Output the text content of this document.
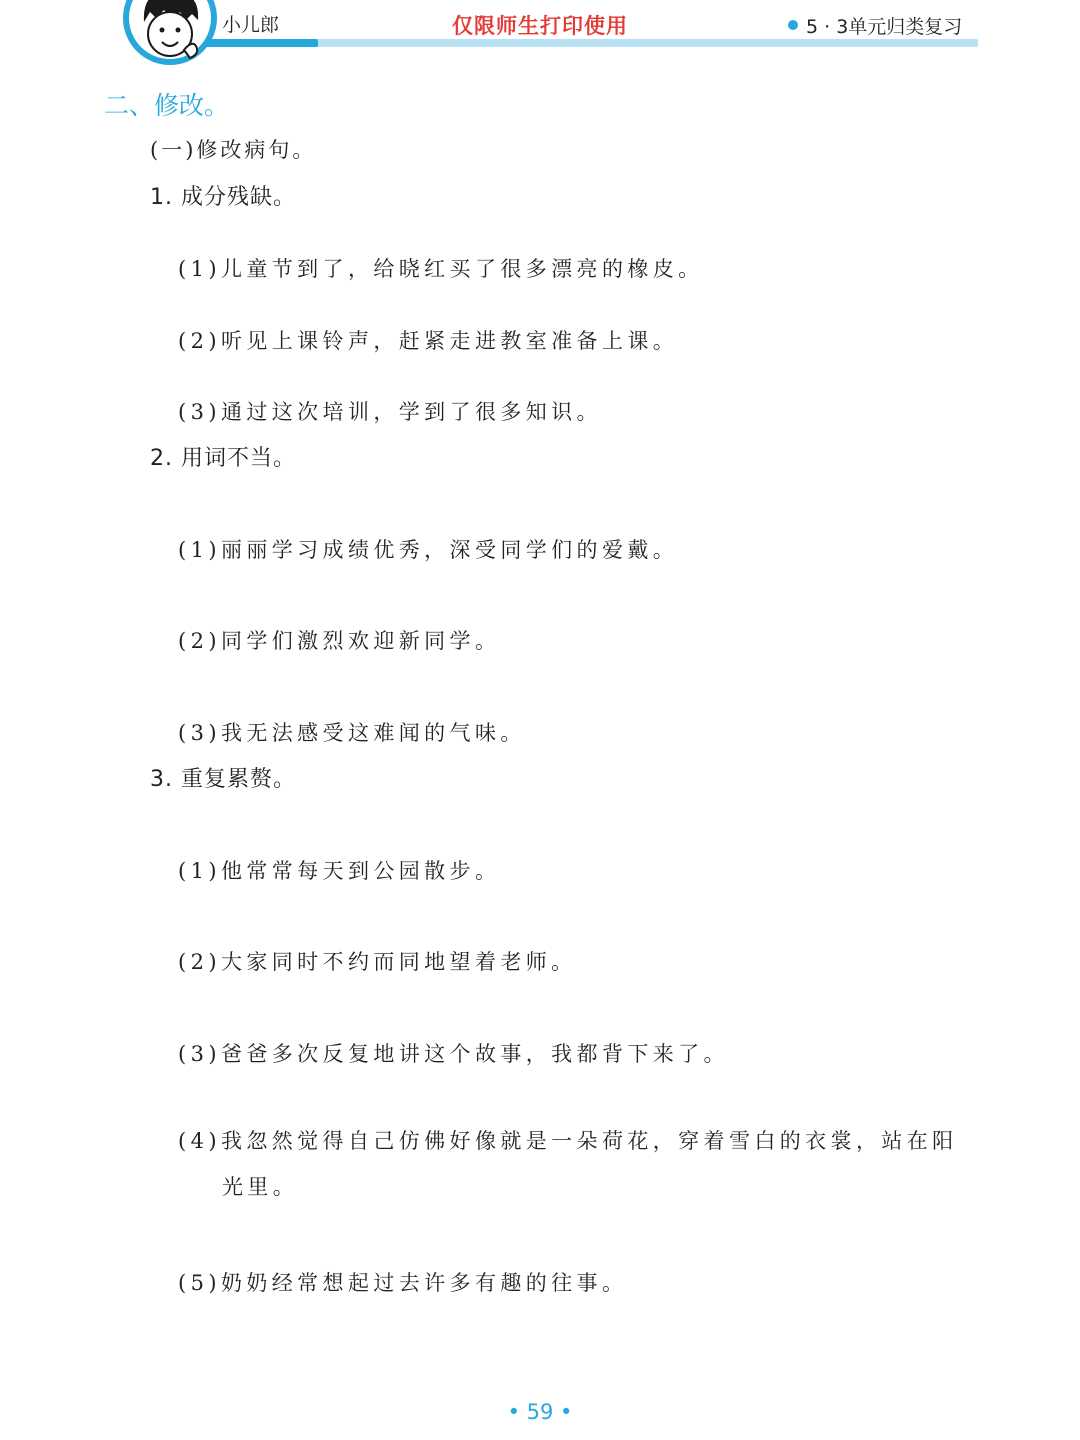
小儿郎	仅限师生打印使用	5 · 3单元归类复习
二、修改。
(一)修改病句。
1. 成分残缺。
(1)儿童节到了，给晓红买了很多漂亮的橡皮。
(2)听见上课铃声，赶紧走进教室准备上课。
(3)通过这次培训，学到了很多知识。
2. 用词不当。
(1)丽丽学习成绩优秀，深受同学们的爱戴。
(2)同学们激烈欢迎新同学。
(3)我无法感受这难闻的气味。
3. 重复累赘。
(1)他常常每天到公园散步。
(2)大家同时不约而同地望着老师。
(3)爸爸多次反复地讲这个故事，我都背下来了。
(4)我忽然觉得自己仿佛好像就是一朵荷花，穿着雪白的衣裳，站在阳
光里。
(5)奶奶经常想起过去许多有趣的往事。
• 59 •
